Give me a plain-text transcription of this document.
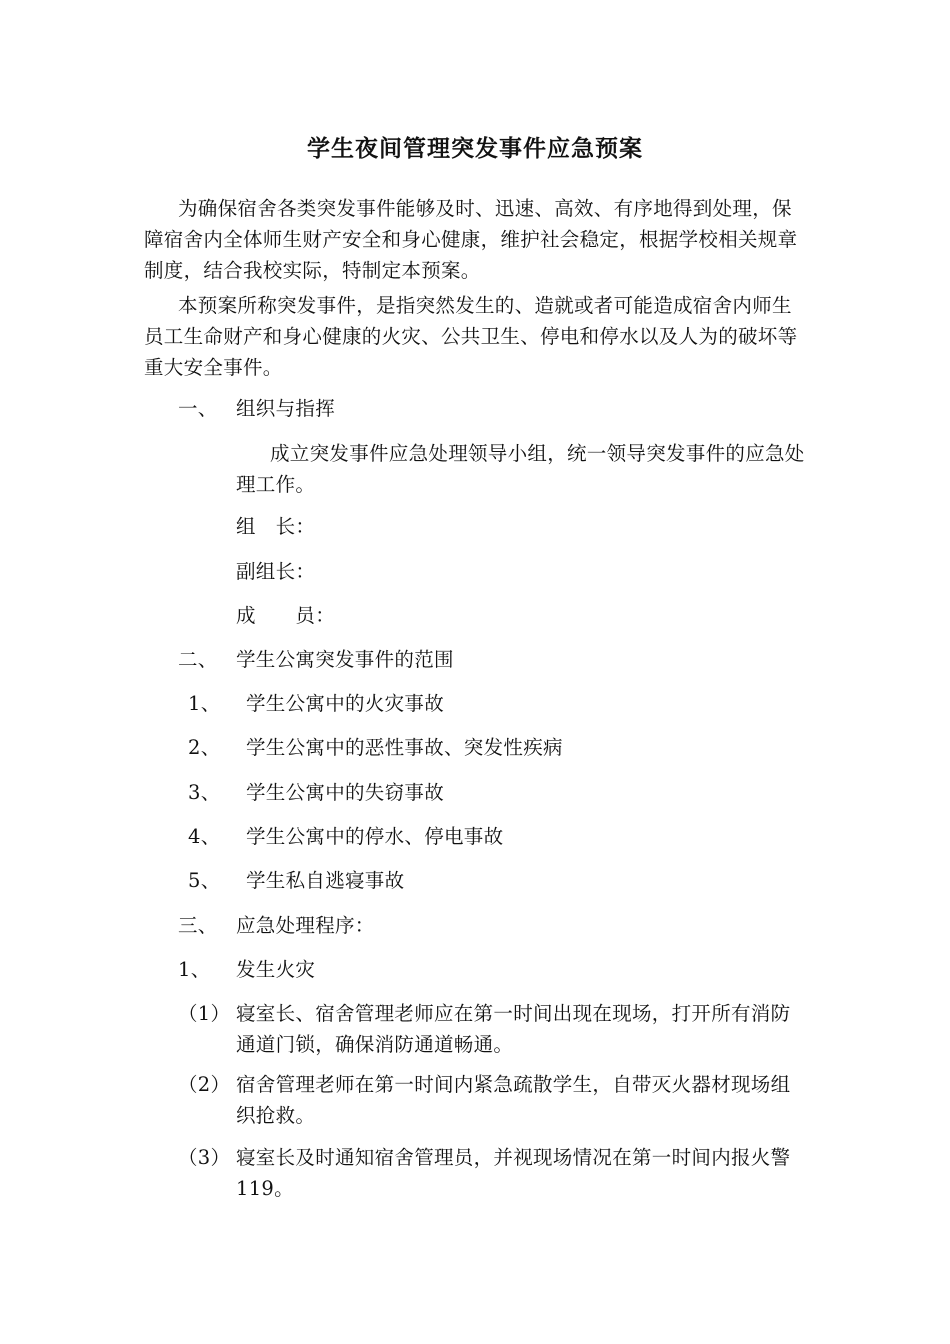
学生夜间管理突发事件应急预案

为确保宿舍各类突发事件能够及时、迅速、高效、有序地得到处理，保障宿舍内全体师生财产安全和身心健康，维护社会稳定，根据学校相关规章制度，结合我校实际，特制定本预案。

本预案所称突发事件，是指突然发生的、造就或者可能造成宿舍内师生员工生命财产和身心健康的火灾、公共卫生、停电和停水以及人为的破坏等重大安全事件。

一、 组织与指挥

成立突发事件应急处理领导小组，统一领导突发事件的应急处理工作。

组　长：
副组长：
成　　员：
二、 学生公寓突发事件的范围
1、 学生公寓中的火灾事故
2、 学生公寓中的恶性事故、突发性疾病
3、 学生公寓中的失窃事故
4、 学生公寓中的停水、停电事故
5、 学生私自逃寝事故
三、 应急处理程序：
1、 发生火灾
（1） 寝室长、宿舍管理老师应在第一时间出现在现场，打开所有消防通道门锁，确保消防通道畅通。
（2） 宿舍管理老师在第一时间内紧急疏散学生，自带灭火器材现场组织抢救。
（3） 寝室长及时通知宿舍管理员，并视现场情况在第一时间内报火警119。
